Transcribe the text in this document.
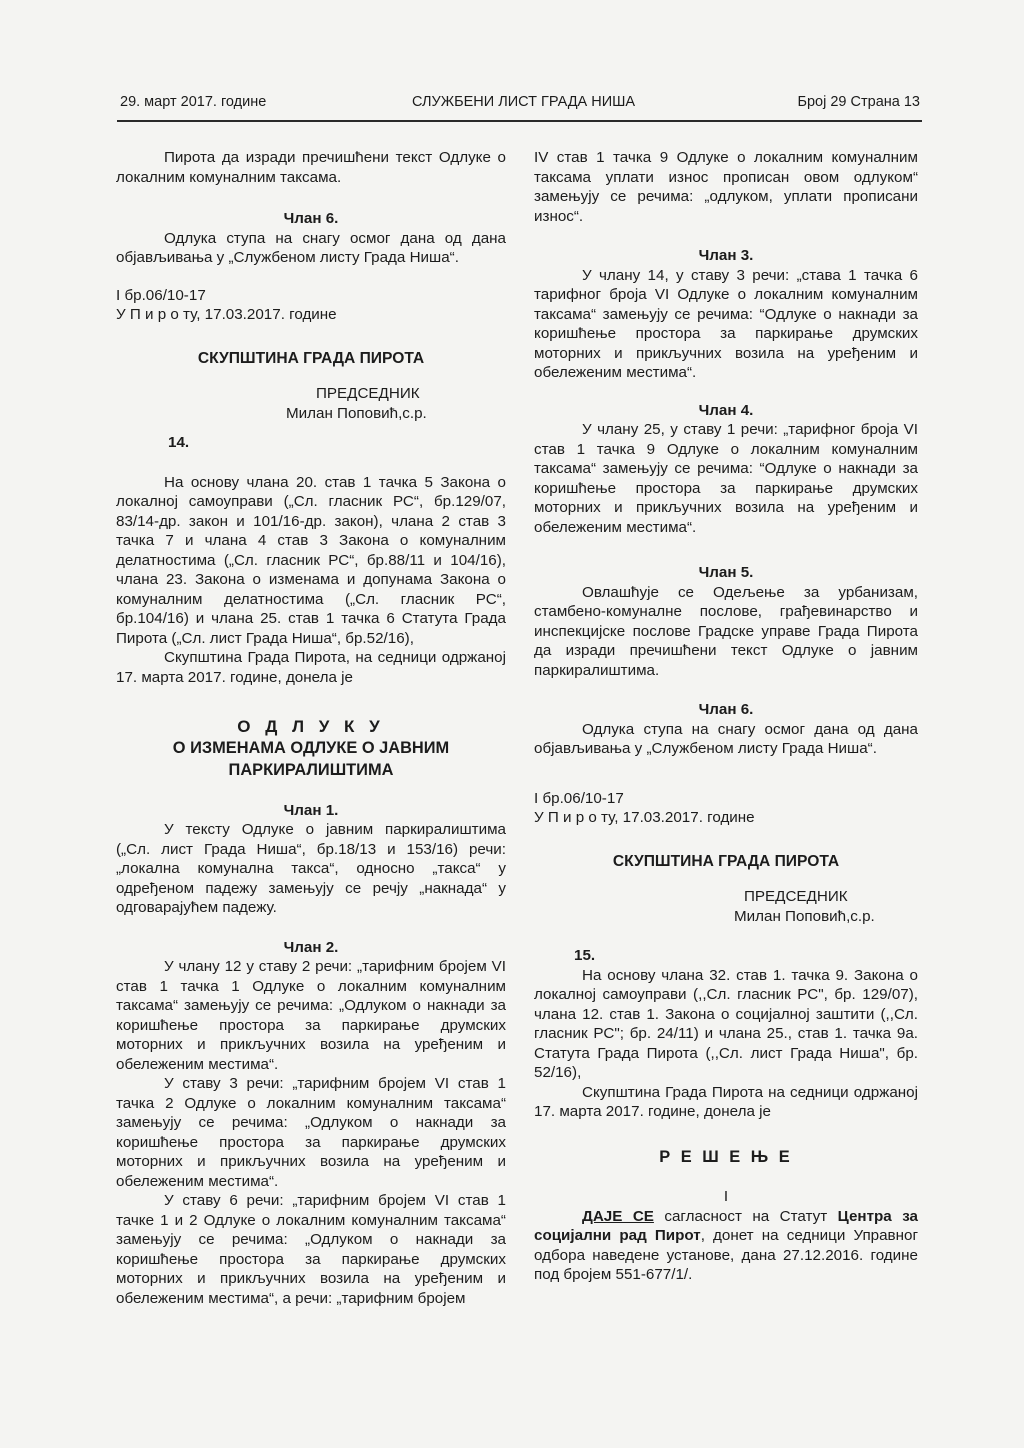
29. март 2017. године	СЛУЖБЕНИ ЛИСТ ГРАДА НИША	Број 29 Страна 13

Пирота да изради пречишћени текст Одлуке о локалним комуналним таксама.

Члан 6.

Одлука ступа на снагу осмог дана од дана објављивања у „Службеном листу Града Ниша“.

I бр.06/10-17

У П и р о ту, 17.03.2017. године

СКУПШТИНА ГРАДА ПИРОТА

ПРЕДСЕДНИК

Милан Поповић,с.р.

14.

На основу члана 20. став 1 тачка 5 Закона о локалној самоуправи („Сл. гласник РС“, бр.129/07, 83/14-др. закон и 101/16-др. закон), члана 2 став 3 тачка 7 и члана 4 став 3 Закона о комуналним делатностима („Сл. гласник РС“, бр.88/11 и 104/16), члана 23. Закона о изменама и допунама Закона о комуналним делатностима („Сл. гласник РС“, бр.104/16) и члана 25. став 1 тачка 6 Статута Града Пирота („Сл. лист Града Ниша“, бр.52/16),

Скупштина Града Пирота, на седници одржаној 17. марта 2017. године, донела је

О Д Л У К У

О ИЗМЕНАМА ОДЛУКЕ О ЈАВНИМ ПАРКИРАЛИШТИМА

Члан 1.

У тексту Одлуке о јавним паркиралиштима („Сл. лист Града Ниша“, бр.18/13 и 153/16) речи: „локална комунална такса“, односно „такса“ у одређеном падежу замењују се речју „накнада“ у одговарајућем падежу.

Члан 2.

У члану 12 у ставу 2 речи: „тарифним бројем VI став 1 тачка 1 Одлуке о локалним комуналним таксама“ замењују се речима: „Одлуком о накнади за коришћење простора за паркирање друмских моторних и прикључних возила на уређеним и обележеним местима“.

У ставу 3 речи: „тарифним бројем VI став 1 тачка 2 Одлуке о локалним комуналним таксама“ замењују се речима: „Одлуком о накнади за коришћење простора за паркирање друмских моторних и прикључних возила на уређеним и обележеним местима“.

У ставу 6 речи: „тарифним бројем VI став 1 тачке 1 и 2 Одлуке о локалним комуналним таксама“ замењују се речима: „Одлуком о накнади за коришћење простора за паркирање друмских моторних и прикључних возила на уређеним и обележеним местима“, а речи: „тарифним бројем

IV став 1 тачка 9 Одлуке о локалним комуналним таксама уплати износ прописан овом одлуком“ замењују се речима: „одлуком, уплати прописани износ“.

Члан 3.

У члану 14, у ставу 3 речи: „става 1 тачка 6 тарифног броја VI Одлуке о локалним комуналним таксама“ замењују се речима: “Одлуке о накнади за коришћење простора за паркирање друмских моторних и прикључних возила на уређеним и обележеним местима“.

Члан 4.

У члану 25, у ставу 1 речи: „тарифног броја VI став 1 тачка 9 Одлуке о локалним комуналним таксама“ замењују се речима: “Одлуке о накнади за коришћење простора за паркирање друмских моторних и прикључних возила на уређеним и обележеним местима“.

Члан 5.

Овлашћује се Одељење за урбанизам, стамбено-комуналне послове, грађевинарство и инспекцијске послове Градске управе Града Пирота да изради пречишћени текст Одлуке о јавним паркиралиштима.

Члан 6.

Одлука ступа на снагу осмог дана од дана објављивања у „Службеном листу Града Ниша“.

I бр.06/10-17

У П и р о ту, 17.03.2017. године

СКУПШТИНА ГРАДА ПИРОТА

ПРЕДСЕДНИК

Милан Поповић,с.р.

15.

На основу члана 32. став 1. тачка 9. Закона о локалној самоуправи (,,Сл. гласник РС", бр. 129/07), члана 12. став 1. Закона о социјалној заштити (,,Сл. гласник РС"; бр. 24/11) и члана 25., став 1. тачка 9а. Статута Града Пирота (,,Сл. лист Града Ниша", бр. 52/16),

Скупштина Града Пирота на седници одржаној 17. марта 2017. године, донела је

Р Е Ш Е Њ Е

I

ДАЈЕ СЕ сагласност на Статут Центра за социјални рад Пирот, донет на седници Управног одбора наведене установе, дана 27.12.2016. године под бројем 551-677/1/.
